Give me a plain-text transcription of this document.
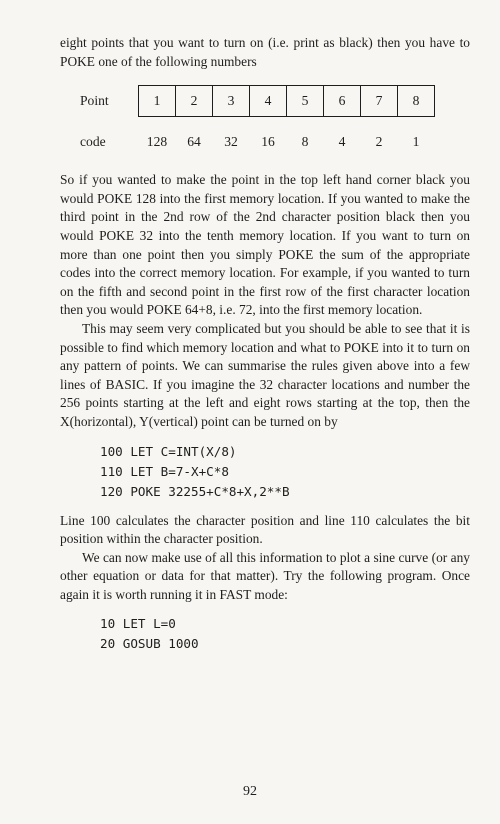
eight points that you want to turn on (i.e. print as black) then you have to POKE one of the following numbers

Point	1	2	3	4	5	6	7	8
code	128	64	32	16	8	4	2	1

So if you wanted to make the point in the top left hand corner black you would POKE 128 into the first memory location. If you wanted to make the third point in the 2nd row of the 2nd character position black then you would POKE 32 into the tenth memory location. If you want to turn on more than one point then you simply POKE the sum of the appropriate codes into the correct memory location. For example, if you wanted to turn on the fifth and second point in the first row of the first character location then you would POKE 64+8, i.e. 72, into the first memory location.

This may seem very complicated but you should be able to see that it is possible to find which memory location and what to POKE into it to turn on any pattern of points. We can summarise the rules given above into a few lines of BASIC. If you imagine the 32 character locations and number the 256 points starting at the left and eight rows starting at the top, then the X(horizontal), Y(vertical) point can be turned on by

100 LET C=INT(X/8)

110 LET B=7-X+C*8

120 POKE 32255+C*8+X,2**B

Line 100 calculates the character position and line 110 calculates the bit position within the character position.

We can now make use of all this information to plot a sine curve (or any other equation or data for that matter). Try the following program. Once again it is worth running it in FAST mode:

10 LET L=0

20 GOSUB 1000

92
